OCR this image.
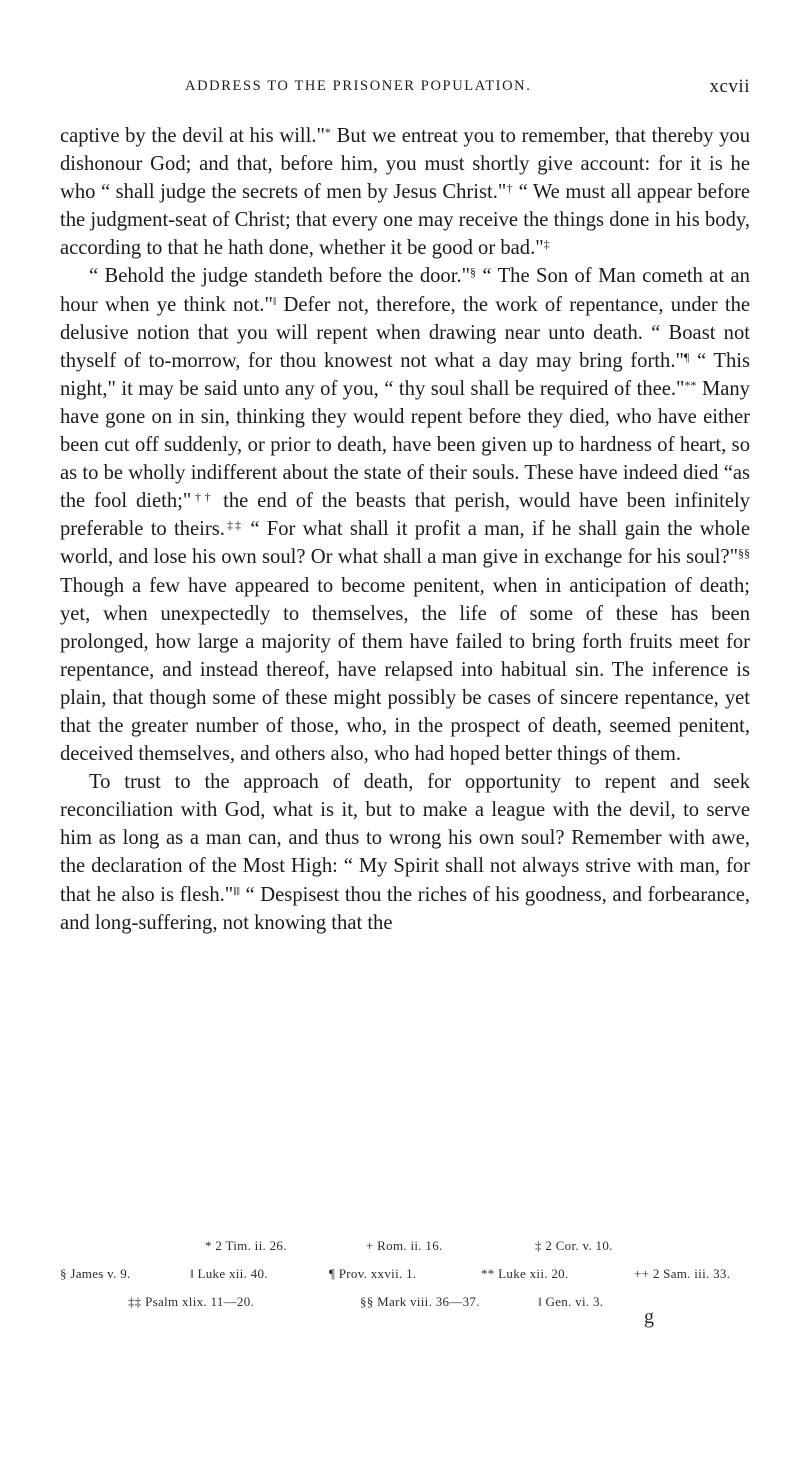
ADDRESS TO THE PRISONER POPULATION.	xcvii

captive by the devil at his will."* But we entreat you to remember, that thereby you dishonour God; and that, before him, you must shortly give account: for it is he who “ shall judge the secrets of men by Jesus Christ."† “ We must all appear before the judgment-seat of Christ; that every one may receive the things done in his body, according to that he hath done, whether it be good or bad."‡

“ Behold the judge standeth before the door."§ “ The Son of Man cometh at an hour when ye think not."‖ Defer not, therefore, the work of repentance, under the delusive notion that you will repent when drawing near unto death. “ Boast not thyself of to-morrow, for thou knowest not what a day may bring forth."¶ “ This night," it may be said unto any of you, “ thy soul shall be required of thee."** Many have gone on in sin, thinking they would repent before they died, who have either been cut off suddenly, or prior to death, have been given up to hardness of heart, so as to be wholly indifferent about the state of their souls. These have indeed died “as the fool dieth;"†† the end of the beasts that perish, would have been infinitely preferable to theirs.‡‡ “ For what shall it profit a man, if he shall gain the whole world, and lose his own soul? Or what shall a man give in exchange for his soul?"§§ Though a few have appeared to become penitent, when in anticipation of death; yet, when unexpectedly to themselves, the life of some of these has been prolonged, how large a majority of them have failed to bring forth fruits meet for repentance, and instead thereof, have relapsed into habitual sin. The inference is plain, that though some of these might possibly be cases of sincere repentance, yet that the greater number of those, who, in the prospect of death, seemed penitent, deceived themselves, and others also, who had hoped better things of them.

To trust to the approach of death, for opportunity to repent and seek reconciliation with God, what is it, but to make a league with the devil, to serve him as long as a man can, and thus to wrong his own soul? Remember with awe, the declaration of the Most High: “ My Spirit shall not always strive with man, for that he also is flesh."‖‖ “ Despisest thou the riches of his goodness, and forbearance, and long-suffering, not knowing that the

* 2 Tim. ii. 26.	+ Rom. ii. 16.	‡ 2 Cor. v. 10.
§ James v. 9.	‖ Luke xii. 40.	¶ Prov. xxvii. 1.	** Luke xii. 20.	++ 2 Sam. iii. 33.
‡‡ Psalm xlix. 11—20.	§§ Mark viii. 36—37.	‖ Gen. vi. 3.
g
